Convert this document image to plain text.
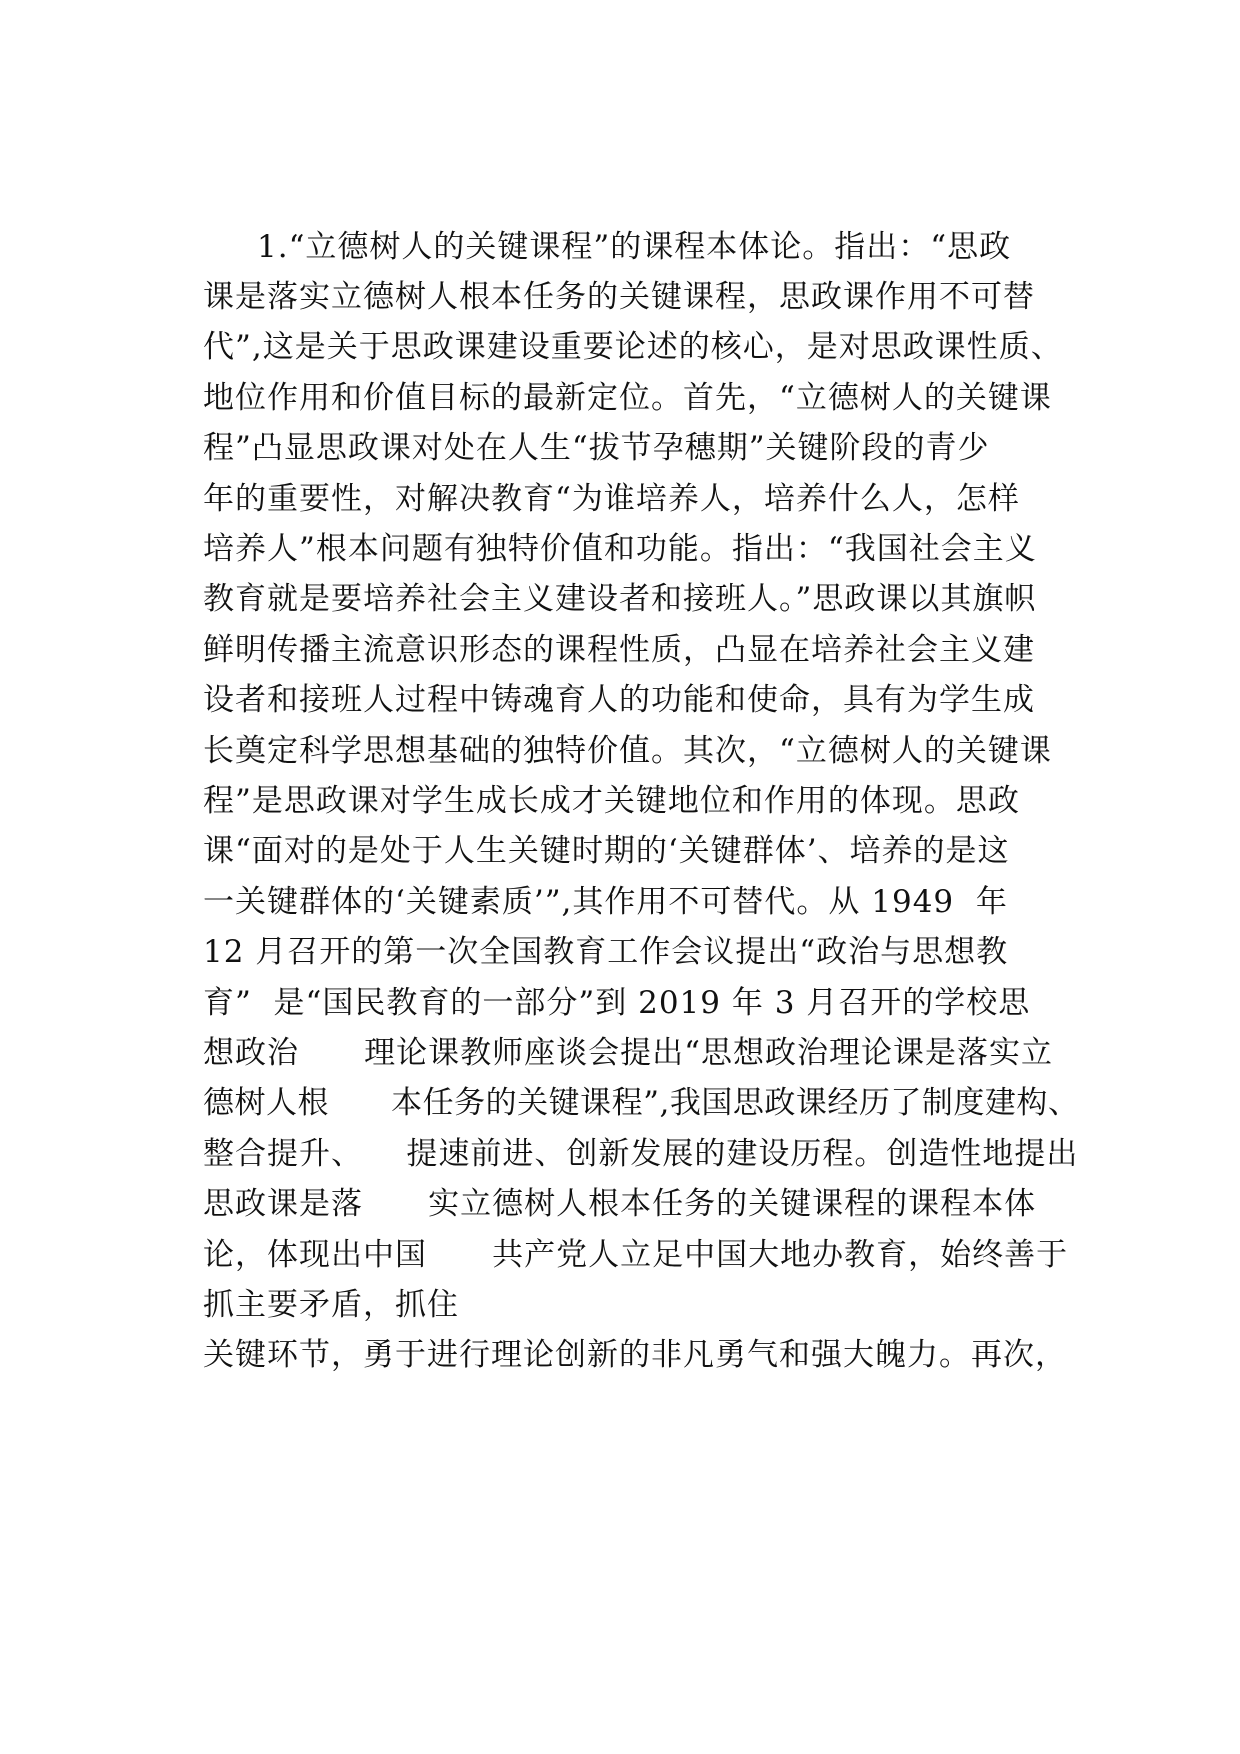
1.“立德树人的关键课程”的课程本体论。指出：“思政
课是落实立德树人根本任务的关键课程，思政课作用不可替
代”,这是关于思政课建设重要论述的核心，是对思政课性质、
地位作用和价值目标的最新定位。首先，“立德树人的关键课
程”凸显思政课对处在人生“拔节孕穗期”关键阶段的青少
年的重要性，对解决教育“为谁培养人，培养什么人，怎样
培养人”根本问题有独特价值和功能。指出：“我国社会主义
教育就是要培养社会主义建设者和接班人。”思政课以其旗帜
鲜明传播主流意识形态的课程性质，凸显在培养社会主义建
设者和接班人过程中铸魂育人的功能和使命，具有为学生成
长奠定科学思想基础的独特价值。其次，“立德树人的关键课
程”是思政课对学生成长成才关键地位和作用的体现。思政
课“面对的是处于人生关键时期的‘关键群体’、培养的是这
一关键群体的‘关键素质’”,其作用不可替代。从 1949  年
12 月召开的第一次全国教育工作会议提出“政治与思想教
育”  是“国民教育的一部分”到 2019 年 3 月召开的学校思
想政治      理论课教师座谈会提出“思想政治理论课是落实立
德树人根      本任务的关键课程”,我国思政课经历了制度建构、
整合提升、    提速前进、创新发展的建设历程。创造性地提出
思政课是落      实立德树人根本任务的关键课程的课程本体
论，体现出中国      共产党人立足中国大地办教育，始终善于
抓主要矛盾，抓住
关键环节，勇于进行理论创新的非凡勇气和强大魄力。再次，
